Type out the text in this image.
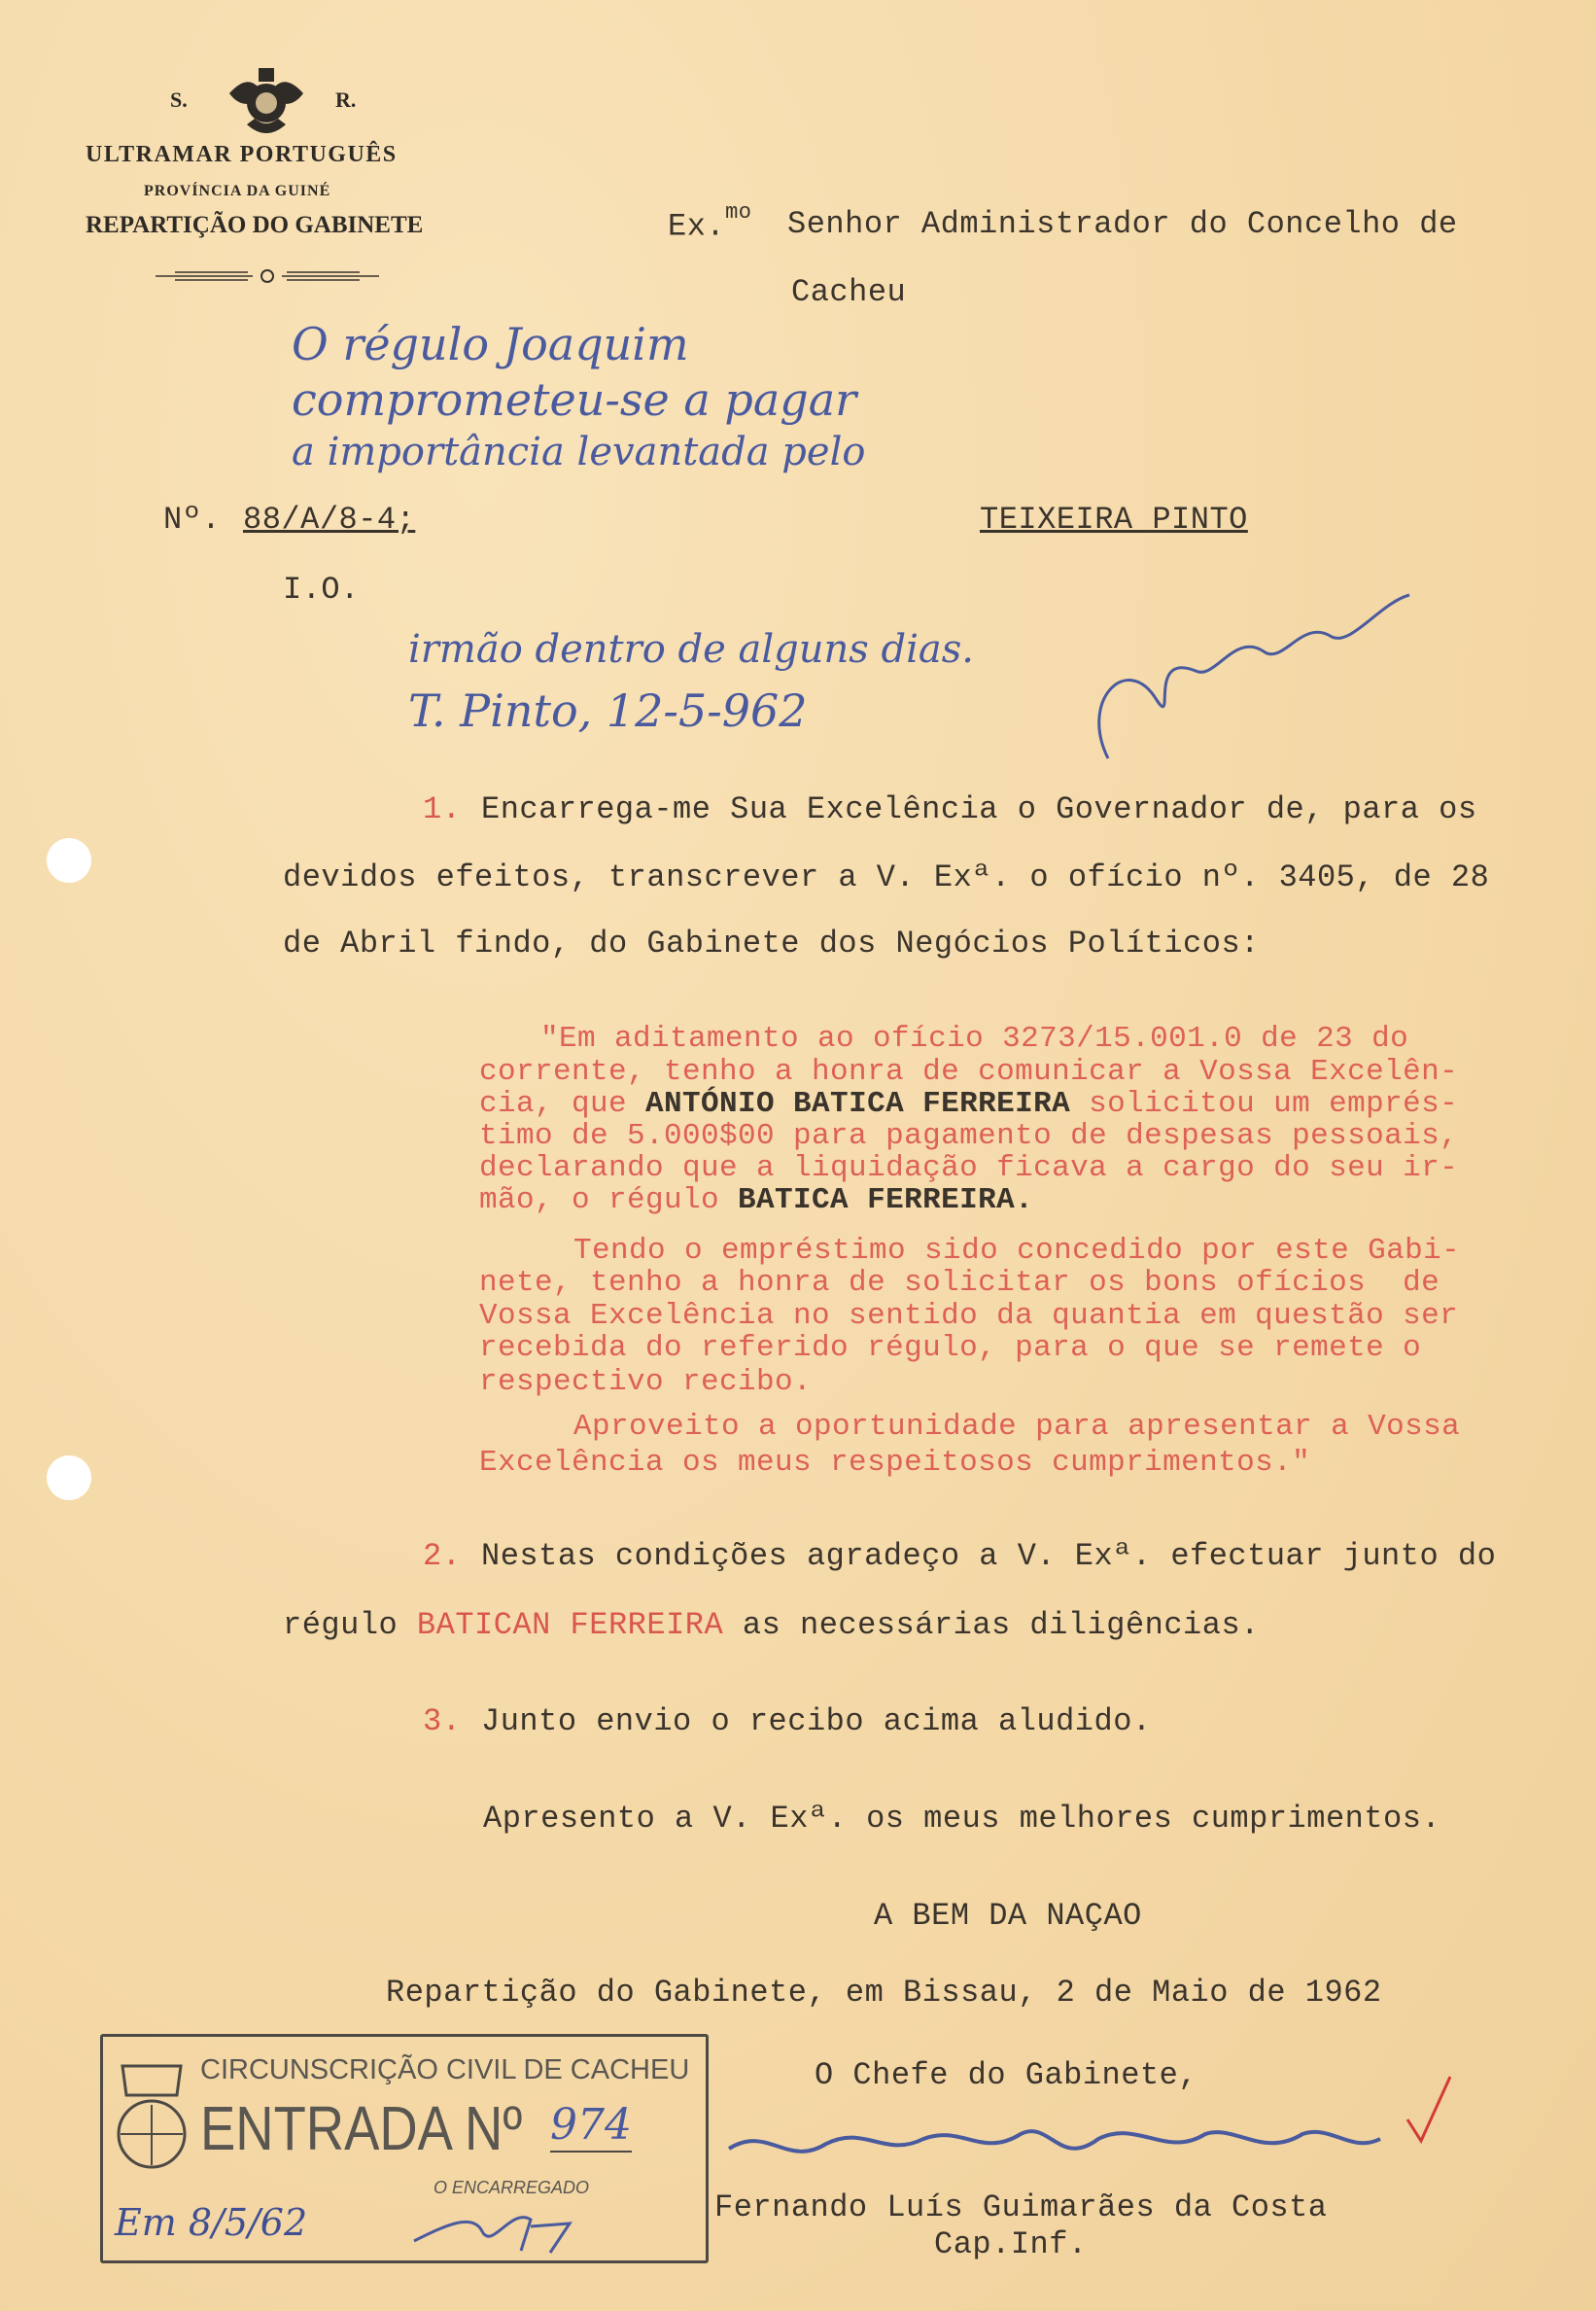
S.	R.
ULTRAMAR PORTUGUÊS
PROVÍNCIA DA GUINÉ
REPARTIÇÃO DO GABINETE	Ex.$^{mo}$ Senhor Administrador do Concelho de
Cacheu
Nº. 88/A/8-4;
I.O.
TEIXEIRA PINTO
O régulo Joaquim
comprometeu-se a pagar
a importância levantada pelo
irmão dentro de alguns dias.
T. Pinto, 12-5-962
1. Encarrega-me Sua Excelência o Governador de, para os
devidos efeitos, transcrever a V. Exª. o ofício nº. 3405, de 28
de Abril findo, do Gabinete dos Negócios Políticos:
"Em aditamento ao ofício 3273/15.001.0 de 23 do
corrente, tenho a honra de comunicar a Vossa Excelên-
cia, que ANTÓNIO BATICA FERREIRA solicitou um emprés-
timo de 5.000$00 para pagamento de despesas pessoais,
declarando que a liquidação ficava a cargo do seu ir-
mão, o régulo BATICA FERREIRA.
Tendo o empréstimo sido concedido por este Gabi-
nete, tenho a honra de solicitar os bons ofícios  de
Vossa Excelência no sentido da quantia em questão ser
recebida do referido régulo, para o que se remete o
respectivo recibo.
Aproveito a oportunidade para apresentar a Vossa
Excelência os meus respeitosos cumprimentos."
2. Nestas condições agradeço a V. Exª. efectuar junto do
régulo BATICAN FERREIRA as necessárias diligências.
3. Junto envio o recibo acima aludido.
Apresento a V. Exª. os meus melhores cumprimentos.
A BEM DA NAÇAO
Repartição do Gabinete, em Bissau, 2 de Maio de 1962
O Chefe do Gabinete,
Fernando Luís Guimarães da Costa
Cap.Inf.
CIRCUNSCRIÇÃO CIVIL DE CACHEU
ENTRADA Nº 974
O ENCARREGADO
Em 8/5/62
